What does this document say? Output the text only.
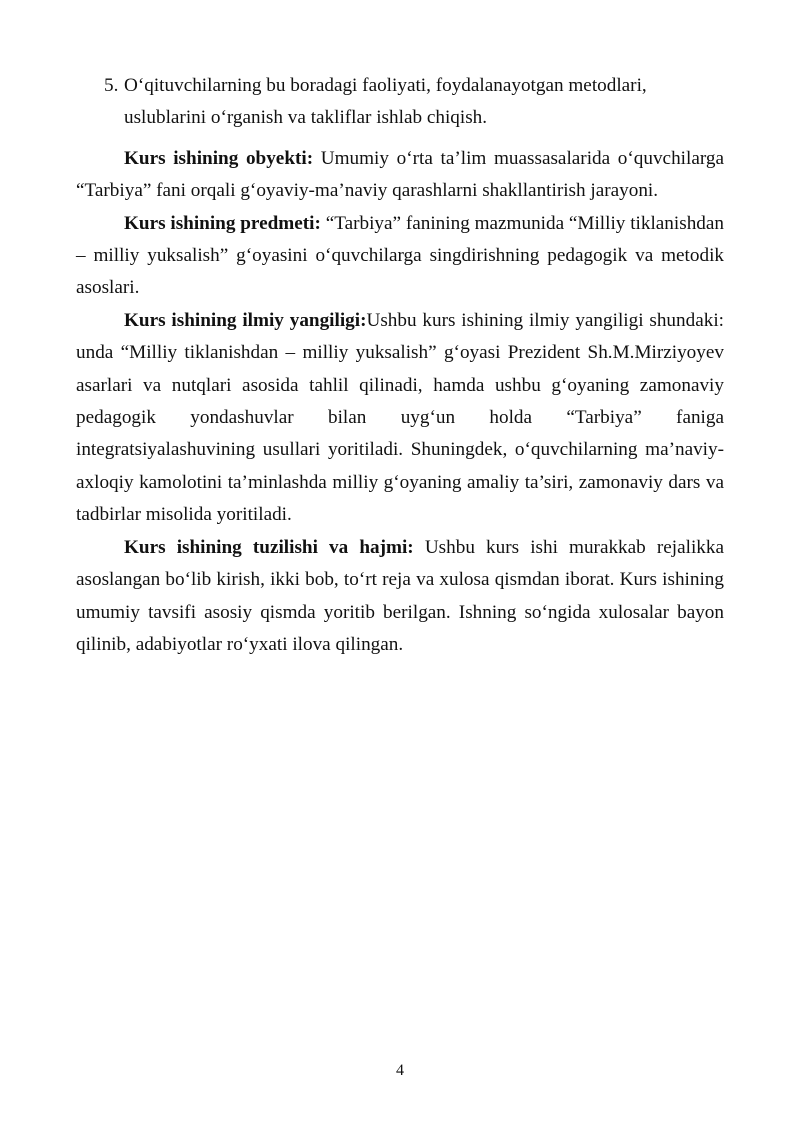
5. O‘qituvchilarning bu boradagi faoliyati, foydalanayotgan metodlari, uslublarini o‘rganish va takliflar ishlab chiqish.

Kurs ishining obyekti: Umumiy o‘rta ta’lim muassasalarida o‘quvchilarga “Tarbiya” fani orqali g‘oyaviy-ma’naviy qarashlarni shakllantirish jarayoni.

Kurs ishining predmeti: “Tarbiya” fanining mazmunida “Milliy tiklanishdan – milliy yuksalish” g‘oyasini o‘quvchilarga singdirishning pedagogik va metodik asoslari.

Kurs ishining ilmiy yangiligi:Ushbu kurs ishining ilmiy yangiligi shundaki: unda “Milliy tiklanishdan – milliy yuksalish” g‘oyasi Prezident Sh.M.Mirziyoyev asarlari va nutqlari asosida tahlil qilinadi, hamda ushbu g‘oyaning zamonaviy pedagogik yondashuvlar bilan uyg‘un holda “Tarbiya” faniga integratsiyalashuvining usullari yoritiladi. Shuningdek, o‘quvchilarning ma’naviy-axloqiy kamolotini ta’minlashda milliy g‘oyaning amaliy ta’siri, zamonaviy dars va tadbirlar misolida yoritiladi.

Kurs ishining tuzilishi va hajmi: Ushbu kurs ishi murakkab rejalikka asoslangan bo‘lib kirish, ikki bob, to‘rt reja va xulosa qismdan iborat. Kurs ishining umumiy tavsifi asosiy qismda yoritib berilgan. Ishning so‘ngida xulosalar bayon qilinib, adabiyotlar ro‘yxati ilova qilingan.

4
